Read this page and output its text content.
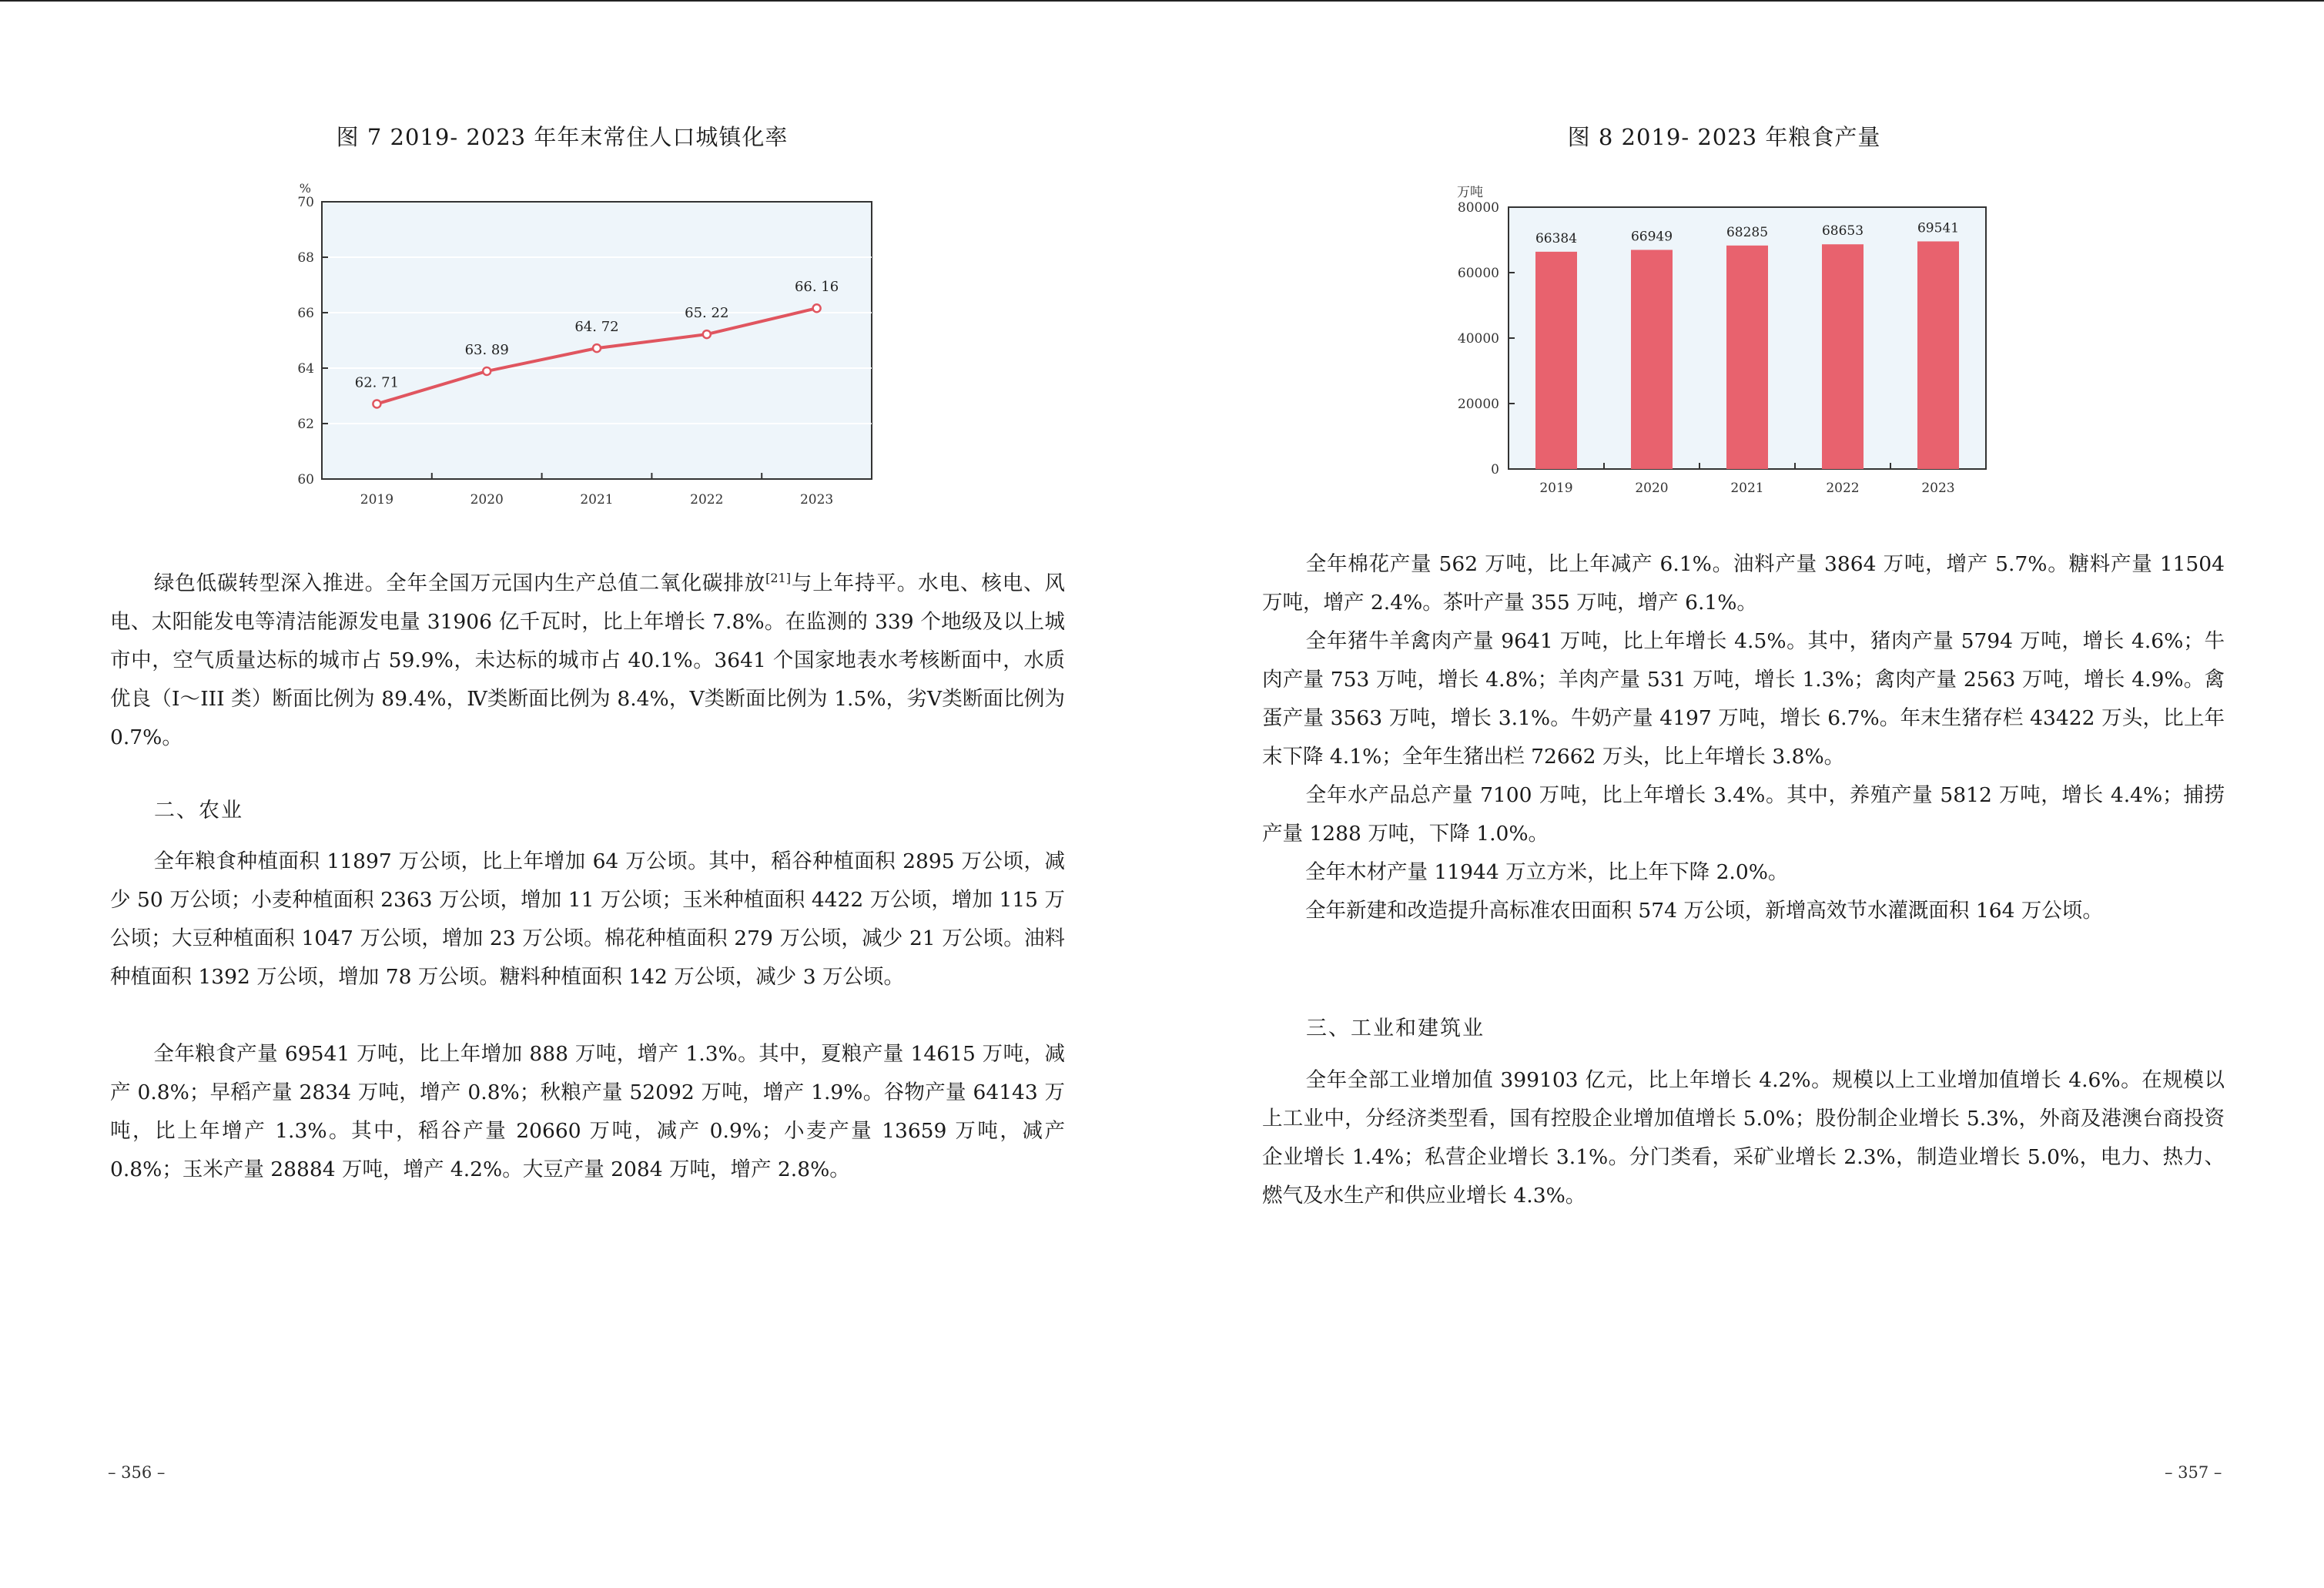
图 7 2019- 2023 年年末常住人口城镇化率
%
70
68
66
64
62
60
2019	2020	2021	2022	2023
62. 71
63. 89
64. 72
65. 22
66. 16

绿色低碳转型深入推进。全年全国万元国内生产总值二氧化碳排放[21]与上年持平。水电、核电、风电、太阳能发电等清洁能源发电量 31906 亿千瓦时，比上年增长 7.8%。在监测的 339 个地级及以上城市中，空气质量达标的城市占 59.9%，未达标的城市占 40.1%。3641 个国家地表水考核断面中，水质优良（Ⅰ～III 类）断面比例为 89.4%，Ⅳ类断面比例为 8.4%，Ⅴ类断面比例为 1.5%，劣Ⅴ类断面比例为 0.7%。

二、农业

全年粮食种植面积 11897 万公顷，比上年增加 64 万公顷。其中，稻谷种植面积 2895 万公顷，减少 50 万公顷；小麦种植面积 2363 万公顷，增加 11 万公顷；玉米种植面积 4422 万公顷，增加 115 万公顷；大豆种植面积 1047 万公顷，增加 23 万公顷。棉花种植面积 279 万公顷，减少 21 万公顷。油料种植面积 1392 万公顷，增加 78 万公顷。糖料种植面积 142 万公顷，减少 3 万公顷。

全年粮食产量 69541 万吨，比上年增加 888 万吨，增产 1.3%。其中，夏粮产量 14615 万吨，减产 0.8%；早稻产量 2834 万吨，增产 0.8%；秋粮产量 52092 万吨，增产 1.9%。谷物产量 64143 万吨，比上年增产 1.3%。其中，稻谷产量 20660 万吨，减产 0.9%；小麦产量 13659 万吨，减产 0.8%；玉米产量 28884 万吨，增产 4.2%。大豆产量 2084 万吨，增产 2.8%。

– 356 –
图 8 2019- 2023 年粮食产量
万吨
80000
60000
40000
20000
0
66384
2019
66949
2020
68285
2021
68653
2022
69541
2023

全年棉花产量 562 万吨，比上年减产 6.1%。油料产量 3864 万吨，增产 5.7%。糖料产量 11504 万吨，增产 2.4%。茶叶产量 355 万吨，增产 6.1%。

全年猪牛羊禽肉产量 9641 万吨，比上年增长 4.5%。其中，猪肉产量 5794 万吨，增长 4.6%；牛肉产量 753 万吨，增长 4.8%；羊肉产量 531 万吨，增长 1.3%；禽肉产量 2563 万吨，增长 4.9%。禽蛋产量 3563 万吨，增长 3.1%。牛奶产量 4197 万吨，增长 6.7%。年末生猪存栏 43422 万头，比上年末下降 4.1%；全年生猪出栏 72662 万头，比上年增长 3.8%。

全年水产品总产量 7100 万吨，比上年增长 3.4%。其中，养殖产量 5812 万吨，增长 4.4%；捕捞产量 1288 万吨，下降 1.0%。

全年木材产量 11944 万立方米，比上年下降 2.0%。

全年新建和改造提升高标准农田面积 574 万公顷，新增高效节水灌溉面积 164 万公顷。

三、工业和建筑业

全年全部工业增加值 399103 亿元，比上年增长 4.2%。规模以上工业增加值增长 4.6%。在规模以上工业中，分经济类型看，国有控股企业增加值增长 5.0%；股份制企业增长 5.3%，外商及港澳台商投资企业增长 1.4%；私营企业增长 3.1%。分门类看，采矿业增长 2.3%，制造业增长 5.0%，电力、热力、燃气及水生产和供应业增长 4.3%。

– 357 –
